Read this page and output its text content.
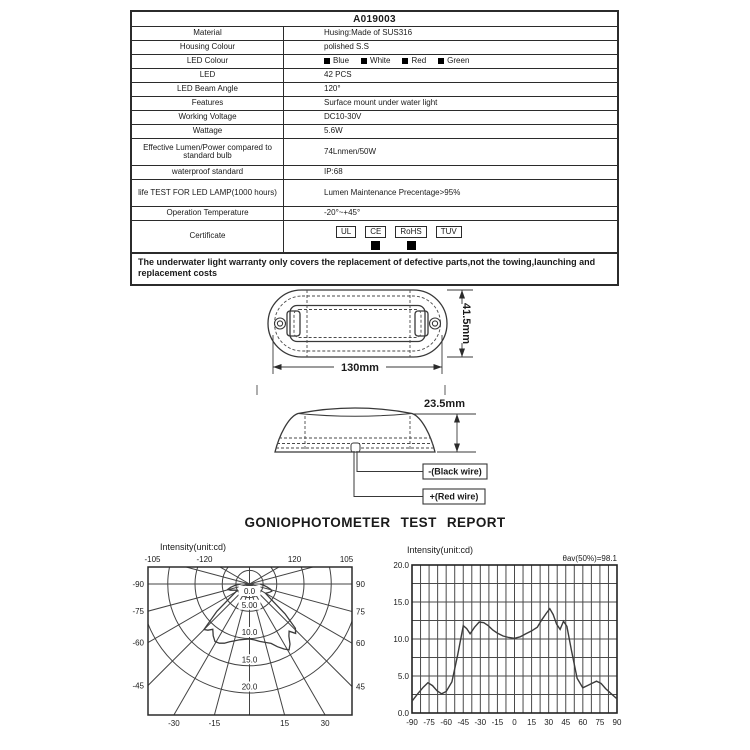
A019003
Material	Husing:Made of SUS316
Housing Colour	polished S.S
LED Colour	Blue	White	Red	Green
LED	42 PCS
LED Beam Angle	120°
Features	Surface mount under water light
Working Voltage	DC10-30V
Wattage	5.6W
Effective Lumen/Power compared to standard bulb	74Lnmen/50W
waterproof standard	IP:68
life TEST FOR LED LAMP(1000 hours)	Lumen Maintenance Precentage>95%
Operation Temperature	-20°~+45°
Certificate	UL	CE	RoHS	TUV
The underwater light warranty only covers the replacement of defective parts,not the towing,launching and replacement costs
130mm
41.5mm
23.5mm
-(Black wire)
+(Red wire)
GONIOPHOTOMETER TEST REPORT
Intensity(unit:cd)
-105	-120	120	105
-90
-75
-60
-45
90
75
60
45
-30	-15	15	30
0.0
5.00
10.0
15.0
20.0
Intensity(unit:cd)
θav(50%)=98.1
-90 -75 -60 -45 -30 -15 0 15 30 45 60 75 90
0.0
5.0
10.0
15.0
20.0
